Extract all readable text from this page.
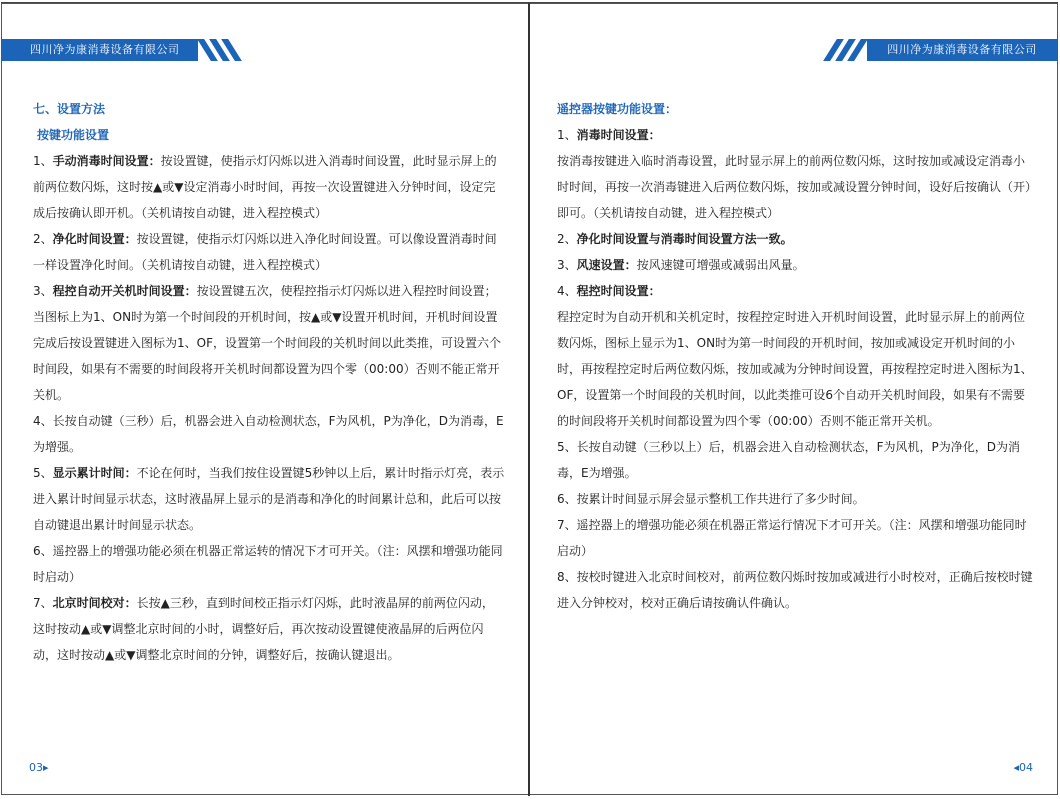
四川净为康消毒设备有限公司

七、设置方法

按键功能设置

1、手动消毒时间设置：按设置键，使指示灯闪烁以进入消毒时间设置，此时显示屏上的前两位数闪烁，这时按▲或▼设定消毒小时时间，再按一次设置键进入分钟时间，设定完成后按确认即开机。（关机请按自动键，进入程控模式）

2、净化时间设置：按设置键，使指示灯闪烁以进入净化时间设置。可以像设置消毒时间一样设置净化时间。（关机请按自动键，进入程控模式）

3、程控自动开关机时间设置：按设置键五次，使程控指示灯闪烁以进入程控时间设置；当图标上为1、ON时为第一个时间段的开机时间，按▲或▼设置开机时间，开机时间设置完成后按设置键进入图标为1、OF，设置第一个时间段的关机时间以此类推，可设置六个时间段，如果有不需要的时间段将开关机时间都设置为四个零（00:00）否则不能正常开关机。

4、长按自动键（三秒）后，机器会进入自动检测状态，F为风机，P为净化，D为消毒，E为增强。

5、显示累计时间：不论在何时，当我们按住设置键5秒钟以上后，累计时指示灯亮，表示进入累计时间显示状态，这时液晶屏上显示的是消毒和净化的时间累计总和，此后可以按自动键退出累计时间显示状态。

6、遥控器上的增强功能必须在机器正常运转的情况下才可开关。（注：风摆和增强功能同时启动）

7、北京时间校对：长按▲三秒，直到时间校正指示灯闪烁，此时液晶屏的前两位闪动，这时按动▲或▼调整北京时间的小时，调整好后，再次按动设置键使液晶屏的后两位闪动，这时按动▲或▼调整北京时间的分钟，调整好后，按确认键退出。

03▸
四川净为康消毒设备有限公司

遥控器按键功能设置：

1、消毒时间设置：

按消毒按键进入临时消毒设置，此时显示屏上的前两位数闪烁，这时按加或减设定消毒小时时间，再按一次消毒键进入后两位数闪烁，按加或减设置分钟时间，设好后按确认（开）即可。（关机请按自动键，进入程控模式）

2、净化时间设置与消毒时间设置方法一致。

3、风速设置：按风速键可增强或减弱出风量。

4、程控时间设置：

程控定时为自动开机和关机定时，按程控定时进入开机时间设置，此时显示屏上的前两位数闪烁，图标上显示为1、ON时为第一时间段的开机时间，按加或减设定开机时间的小时，再按程控定时后两位数闪烁，按加或减为分钟时间设置，再按程控定时进入图标为1、OF，设置第一个时间段的关机时间，以此类推可设6个自动开关机时间段，如果有不需要的时间段将开关机时间都设置为四个零（00:00）否则不能正常开关机。

5、长按自动键（三秒以上）后，机器会进入自动检测状态，F为风机，P为净化，D为消毒，E为增强。

6、按累计时间显示屏会显示整机工作共进行了多少时间。

7、遥控器上的增强功能必须在机器正常运行情况下才可开关。（注：风摆和增强功能同时启动）

8、按校时键进入北京时间校对，前两位数闪烁时按加或减进行小时校对，正确后按校时键进入分钟校对，校对正确后请按确认件确认。

◂04
